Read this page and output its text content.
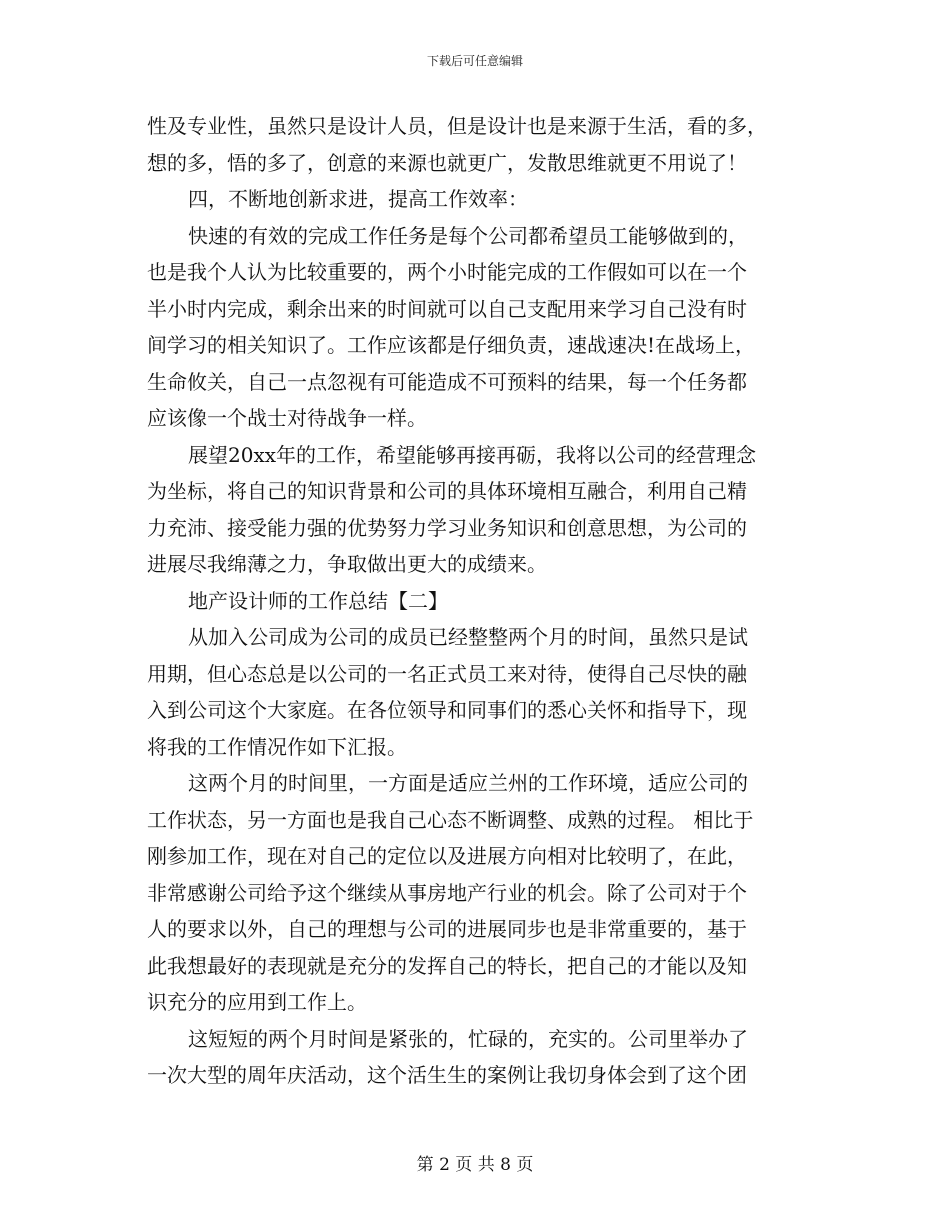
下载后可任意编辑
性及专业性，虽然只是设计人员，但是设计也是来源于生活，看的多，
想的多，悟的多了，创意的来源也就更广，发散思维就更不用说了！
四，不断地创新求进，提高工作效率：
快速的有效的完成工作任务是每个公司都希望员工能够做到的，
也是我个人认为比较重要的，两个小时能完成的工作假如可以在一个
半小时内完成，剩余出来的时间就可以自己支配用来学习自己没有时
间学习的相关知识了。工作应该都是仔细负责，速战速决!在战场上，
生命攸关，自己一点忽视有可能造成不可预料的结果，每一个任务都
应该像一个战士对待战争一样。
展望20xx年的工作，希望能够再接再砺，我将以公司的经营理念
为坐标，将自己的知识背景和公司的具体环境相互融合，利用自己精
力充沛、接受能力强的优势努力学习业务知识和创意思想，为公司的
进展尽我绵薄之力，争取做出更大的成绩来。
地产设计师的工作总结【二】
从加入公司成为公司的成员已经整整两个月的时间，虽然只是试
用期，但心态总是以公司的一名正式员工来对待，使得自己尽快的融
入到公司这个大家庭。在各位领导和同事们的悉心关怀和指导下，现
将我的工作情况作如下汇报。
这两个月的时间里，一方面是适应兰州的工作环境，适应公司的
工作状态，另一方面也是我自己心态不断调整、成熟的过程。 相比于
刚参加工作，现在对自己的定位以及进展方向相对比较明了，在此，
非常感谢公司给予这个继续从事房地产行业的机会。除了公司对于个
人的要求以外，自己的理想与公司的进展同步也是非常重要的，基于
此我想最好的表现就是充分的发挥自己的特长，把自己的才能以及知
识充分的应用到工作上。
这短短的两个月时间是紧张的，忙碌的，充实的。公司里举办了
一次大型的周年庆活动，这个活生生的案例让我切身体会到了这个团
第 2 页 共 8 页
